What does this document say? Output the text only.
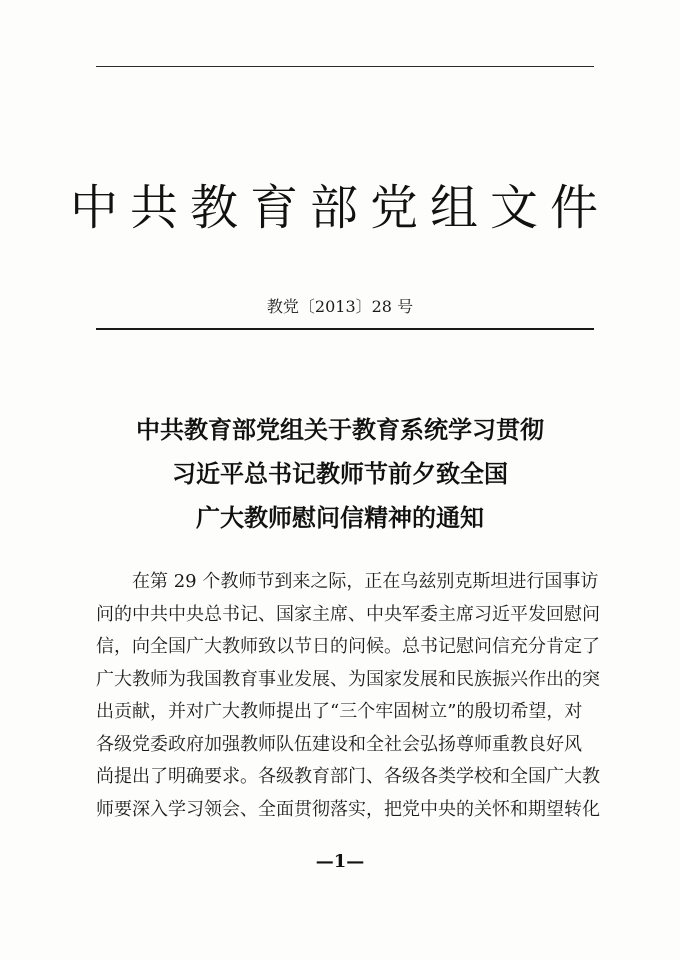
中共教育部党组文件
教党〔2013〕28 号
中共教育部党组关于教育系统学习贯彻
习近平总书记教师节前夕致全国
广大教师慰问信精神的通知
在第 29 个教师节到来之际，正在乌兹别克斯坦进行国事访
问的中共中央总书记、国家主席、中央军委主席习近平发回慰问
信，向全国广大教师致以节日的问候。总书记慰问信充分肯定了
广大教师为我国教育事业发展、为国家发展和民族振兴作出的突
出贡献，并对广大教师提出了“三个牢固树立”的殷切希望，对
各级党委政府加强教师队伍建设和全社会弘扬尊师重教良好风
尚提出了明确要求。各级教育部门、各级各类学校和全国广大教
师要深入学习领会、全面贯彻落实，把党中央的关怀和期望转化
—1—
